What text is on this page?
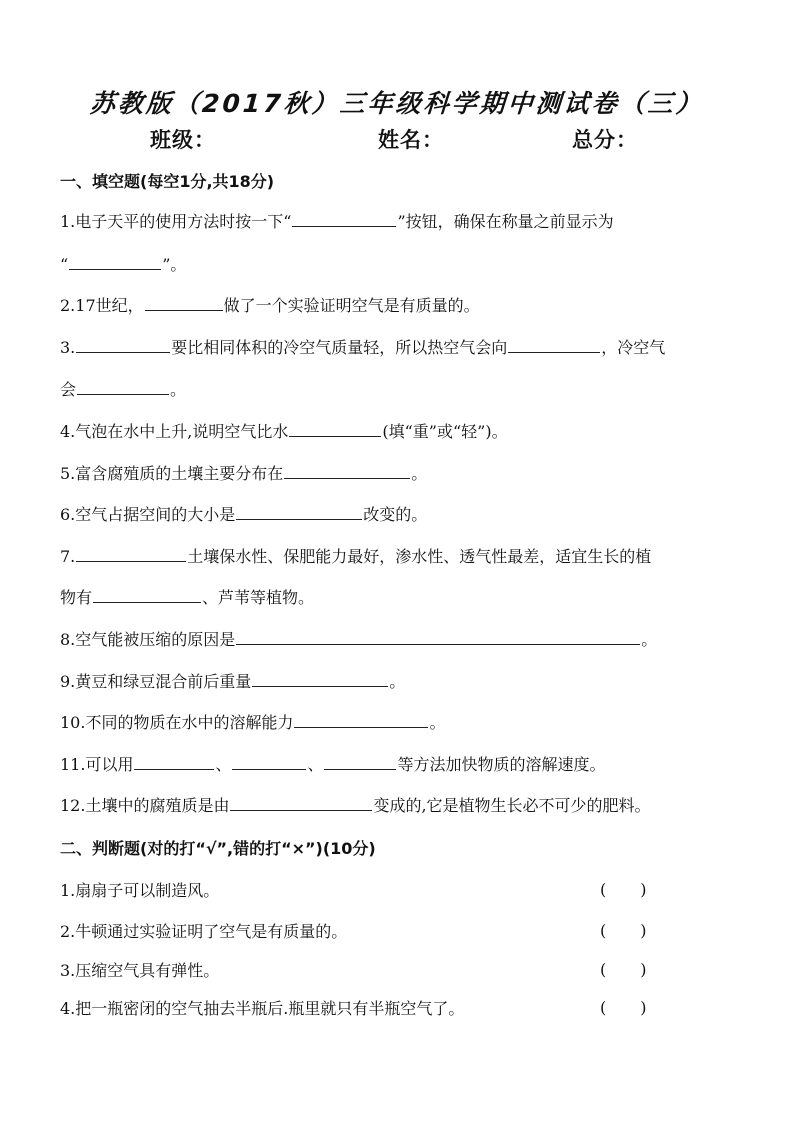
苏教版（2017秋）三年级科学期中测试卷（三）
班级：	姓名：	总分：
一、填空题(每空1分,共18分)
1.电子天平的使用方法时按一下“	”按钮，确保在称量之前显示为
“	”。
2.17世纪，	做了一个实验证明空气是有质量的。
3.	要比相同体积的冷空气质量轻，所以热空气会向	，冷空气
会	。
4.气泡在水中上升,说明空气比水	(填“重”或“轻”)。
5.富含腐殖质的土壤主要分布在	。
6.空气占据空间的大小是	改变的。
7.	土壤保水性、保肥能力最好，渗水性、透气性最差，适宜生长的植
物有	、芦苇等植物。
8.空气能被压缩的原因是	。
9.黄豆和绿豆混合前后重量	。
10.不同的物质在水中的溶解能力	。
11.可以用	、	、	等方法加快物质的溶解速度。
12.土壤中的腐殖质是由	变成的,它是植物生长必不可少的肥料。
二、判断题(对的打“√”,错的打“×”)(10分)
1.扇扇子可以制造风。	( )
2.牛顿通过实验证明了空气是有质量的。	( )
3.压缩空气具有弹性。	( )
4.把一瓶密闭的空气抽去半瓶后.瓶里就只有半瓶空气了。	( )
